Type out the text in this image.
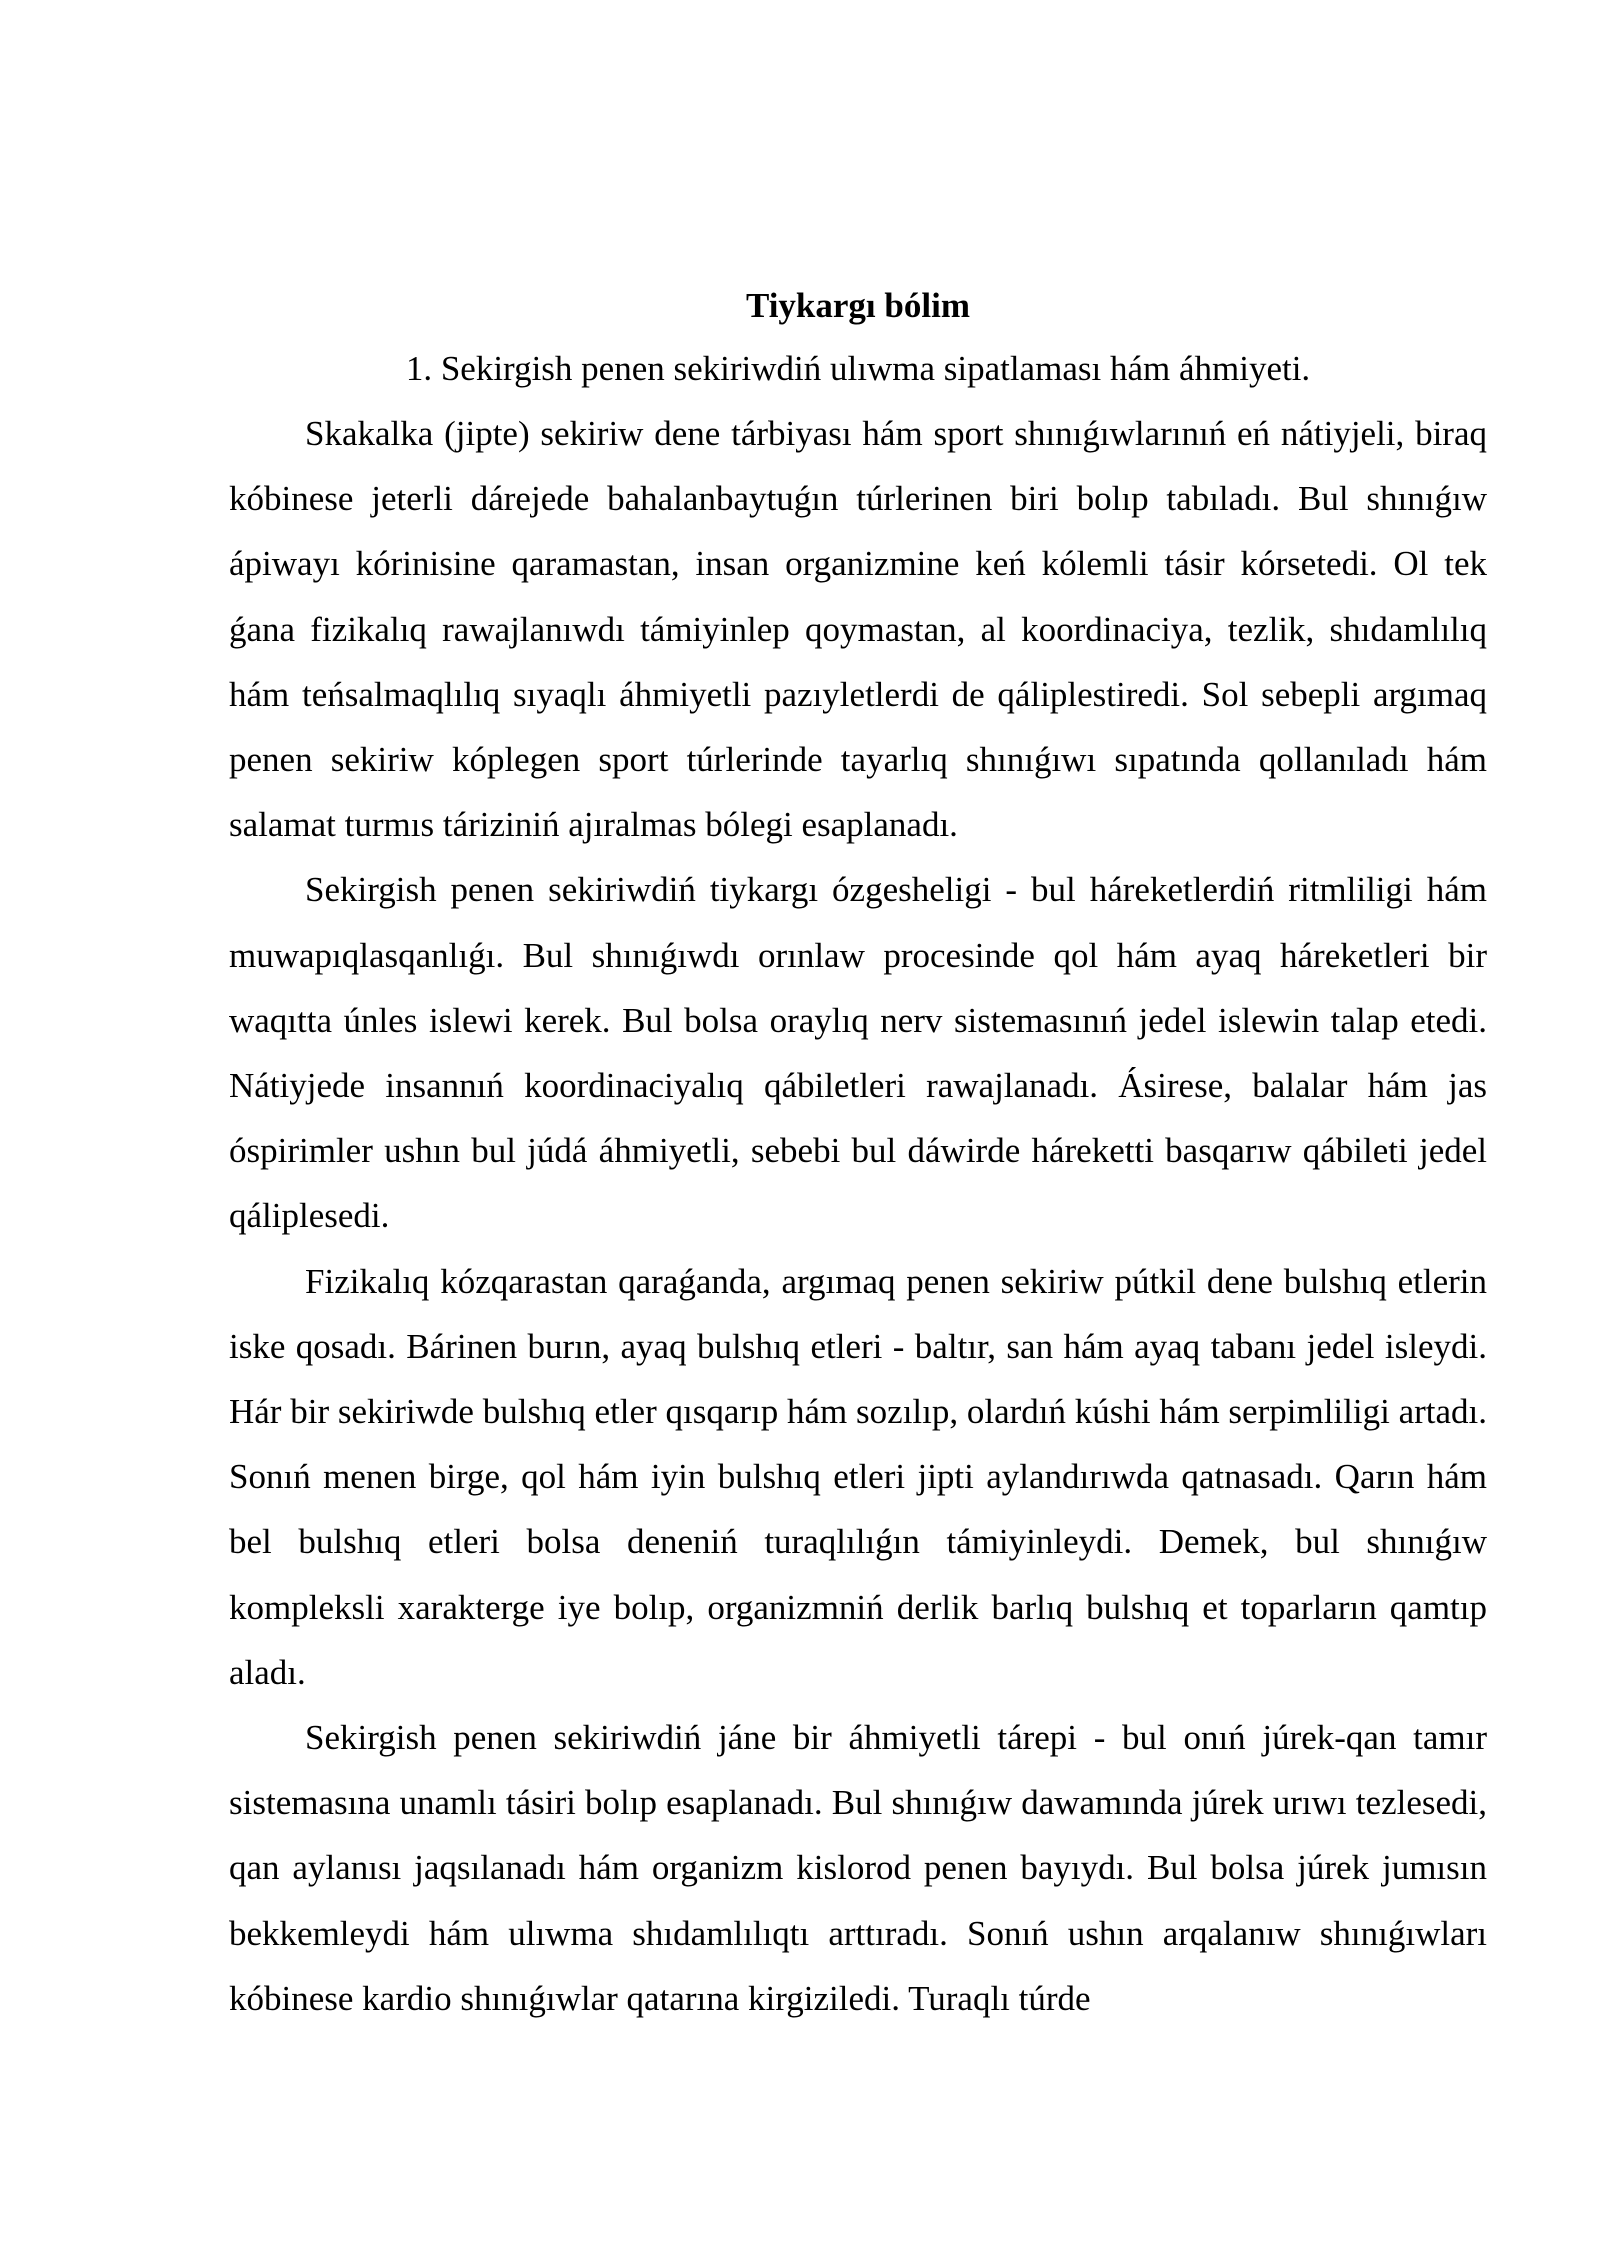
Tiykargı bólim

1. Sekirgish penen sekiriwdiń ulıwma sipatlaması hám áhmiyeti.

Skakalka (jipte) sekiriw dene tárbiyası hám sport shınıǵıwlarınıń eń nátiyjeli, biraq kóbinese jeterli dárejede bahalanbaytuǵın túrlerinen biri bolıp tabıladı. Bul shınıǵıw ápiwayı kórinisine qaramastan, insan organizmine keń kólemli tásir kórsetedi. Ol tek ǵana fizikalıq rawajlanıwdı támiyinlep qoymastan, al koordinaciya, tezlik, shıdamlılıq hám teńsalmaqlılıq sıyaqlı áhmiyetli pazıyletlerdi de qáliplestiredi. Sol sebepli argımaq penen sekiriw kóplegen sport túrlerinde tayarlıq shınıǵıwı sıpatında qollanıladı hám salamat turmıs táriziniń ajıralmas bólegi esaplanadı.

Sekirgish penen sekiriwdiń tiykargı ózgesheligi - bul háreketlerdiń ritmliligi hám muwapıqlasqanlıǵı. Bul shınıǵıwdı orınlaw procesinde qol hám ayaq háreketleri bir waqıtta únles islewi kerek. Bul bolsa oraylıq nerv sistemasınıń jedel islewin talap etedi. Nátiyjede insannıń koordinaciyalıq qábiletleri rawajlanadı. Ásirese, balalar hám jas óspirimler ushın bul júdá áhmiyetli, sebebi bul dáwirde háreketti basqarıw qábileti jedel qáliplesedi.

Fizikalıq kózqarastan qaraǵanda, argımaq penen sekiriw pútkil dene bulshıq etlerin iske qosadı. Bárinen burın, ayaq bulshıq etleri - baltır, san hám ayaq tabanı jedel isleydi. Hár bir sekiriwde bulshıq etler qısqarıp hám sozılıp, olardıń kúshi hám serpimliligi artadı. Sonıń menen birge, qol hám iyin bulshıq etleri jipti aylandırıwda qatnasadı. Qarın hám bel bulshıq etleri bolsa deneniń turaqlılıǵın támiyinleydi. Demek, bul shınıǵıw kompleksli xarakterge iye bolıp, organizmniń derlik barlıq bulshıq et toparların qamtıp aladı.

Sekirgish penen sekiriwdiń jáne bir áhmiyetli tárepi - bul onıń júrek-qan tamır sistemasına unamlı tásiri bolıp esaplanadı. Bul shınıǵıw dawamında júrek urıwı tezlesedi, qan aylanısı jaqsılanadı hám organizm kislorod penen bayıydı. Bul bolsa júrek jumısın bekkemleydi hám ulıwma shıdamlılıqtı arttıradı. Sonıń ushın arqalanıw shınıǵıwları kóbinese kardio shınıǵıwlar qatarına kirgiziledi. Turaqlı túrde
